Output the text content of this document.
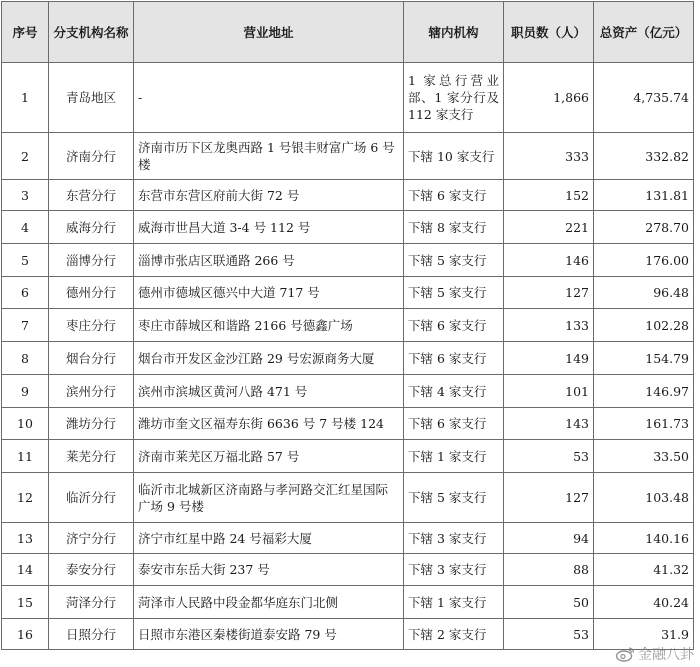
序号	分支机构名称	营业地址	辖内机构	职员数（人）	总资产（亿元）
1	青岛地区	-	1 家总行营业部、1 家分行及 112 家支行	1,866	4,735.74
2	济南分行	济南市历下区龙奥西路 1 号银丰财富广场 6 号楼	下辖 10 家支行	333	332.82
3	东营分行	东营市东营区府前大街 72 号	下辖 6 家支行	152	131.81
4	威海分行	威海市世昌大道 3-4 号 112 号	下辖 8 家支行	221	278.70
5	淄博分行	淄博市张店区联通路 266 号	下辖 5 家支行	146	176.00
6	德州分行	德州市德城区德兴中大道 717 号	下辖 5 家支行	127	96.48
7	枣庄分行	枣庄市薛城区和谐路 2166 号德鑫广场	下辖 6 家支行	133	102.28
8	烟台分行	烟台市开发区金沙江路 29 号宏源商务大厦	下辖 6 家支行	149	154.79
9	滨州分行	滨州市滨城区黄河八路 471 号	下辖 4 家支行	101	146.97
10	潍坊分行	潍坊市奎文区福寿东街 6636 号 7 号楼 124	下辖 6 家支行	143	161.73
11	莱芜分行	济南市莱芜区万福北路 57 号	下辖 1 家支行	53	33.50
12	临沂分行	临沂市北城新区济南路与孝河路交汇红星国际广场 9 号楼	下辖 5 家支行	127	103.48
13	济宁分行	济宁市红星中路 24 号福彩大厦	下辖 3 家支行	94	140.16
14	泰安分行	泰安市东岳大街 237 号	下辖 3 家支行	88	41.32
15	菏泽分行	菏泽市人民路中段金都华庭东门北侧	下辖 1 家支行	50	40.24
16	日照分行	日照市东港区秦楼街道泰安路 79 号	下辖 2 家支行	53	31.9
金融八卦
